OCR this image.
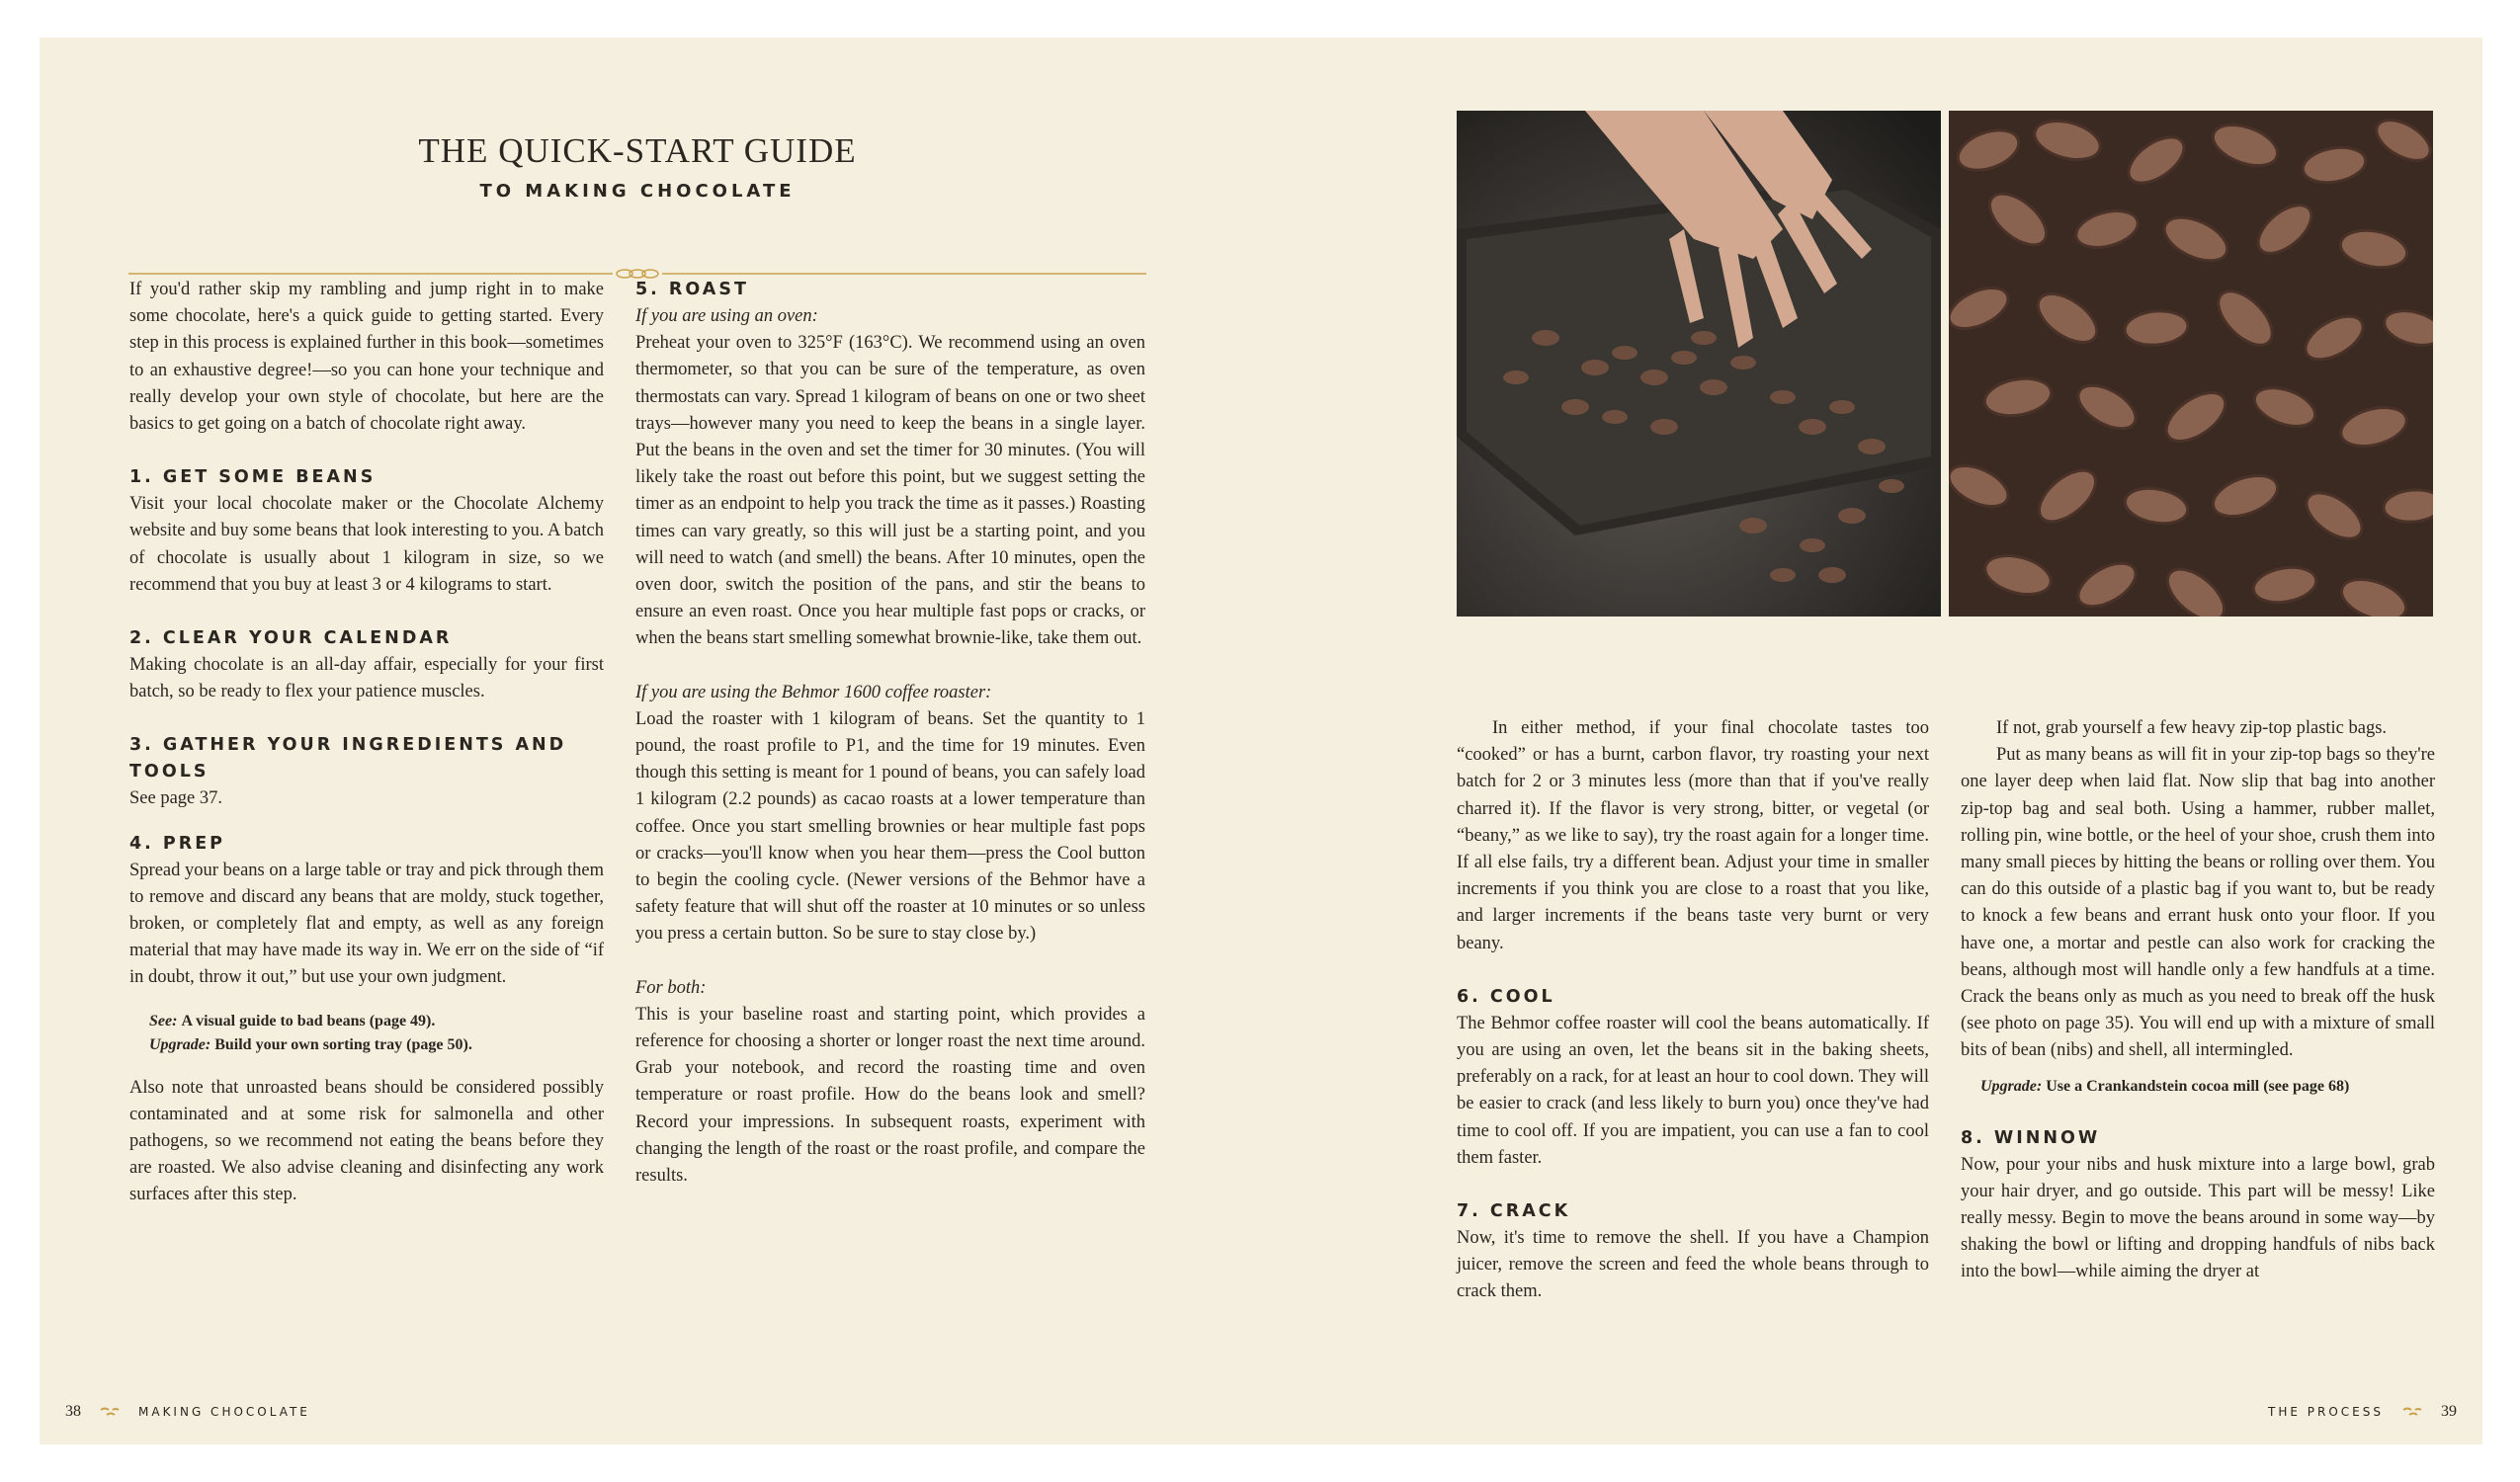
THE QUICK-START GUIDE
TO MAKING CHOCOLATE

If you'd rather skip my rambling and jump right in to make some chocolate, here's a quick guide to getting started. Every step in this process is explained further in this book—sometimes to an exhaustive degree!—so you can hone your technique and really develop your own style of chocolate, but here are the basics to get going on a batch of chocolate right away.

1. GET SOME BEANS

Visit your local chocolate maker or the Chocolate Alchemy website and buy some beans that look interesting to you. A batch of chocolate is usually about 1 kilogram in size, so we recommend that you buy at least 3 or 4 kilograms to start.

2. CLEAR YOUR CALENDAR

Making chocolate is an all-day affair, especially for your first batch, so be ready to flex your patience muscles.

3. GATHER YOUR INGREDIENTS AND TOOLS

See page 37.

4. PREP

Spread your beans on a large table or tray and pick through them to remove and discard any beans that are moldy, stuck together, broken, or completely flat and empty, as well as any foreign material that may have made its way in. We err on the side of “if in doubt, throw it out,” but use your own judgment.

See: A visual guide to bad beans (page 49).

Upgrade: Build your own sorting tray (page 50).

Also note that unroasted beans should be considered possibly contaminated and at some risk for salmonella and other pathogens, so we recommend not eating the beans before they are roasted. We also advise cleaning and disinfecting any work surfaces after this step.

5. ROAST

If you are using an oven:

Preheat your oven to 325°F (163°C). We recommend using an oven thermometer, so that you can be sure of the temperature, as oven thermostats can vary. Spread 1 kilogram of beans on one or two sheet trays—however many you need to keep the beans in a single layer. Put the beans in the oven and set the timer for 30 minutes. (You will likely take the roast out before this point, but we suggest setting the timer as an endpoint to help you track the time as it passes.) Roasting times can vary greatly, so this will just be a starting point, and you will need to watch (and smell) the beans. After 10 minutes, open the oven door, switch the position of the pans, and stir the beans to ensure an even roast. Once you hear multiple fast pops or cracks, or when the beans start smelling somewhat brownie-like, take them out.

If you are using the Behmor 1600 coffee roaster:

Load the roaster with 1 kilogram of beans. Set the quantity to 1 pound, the roast profile to P1, and the time for 19 minutes. Even though this setting is meant for 1 pound of beans, you can safely load 1 kilogram (2.2 pounds) as cacao roasts at a lower temperature than coffee. Once you start smelling brownies or hear multiple fast pops or cracks—you'll know when you hear them—press the Cool button to begin the cooling cycle. (Newer versions of the Behmor have a safety feature that will shut off the roaster at 10 minutes or so unless you press a certain button. So be sure to stay close by.)

For both:

This is your baseline roast and starting point, which provides a reference for choosing a shorter or longer roast the next time around. Grab your notebook, and record the roasting time and oven temperature or roast profile. How do the beans look and smell? Record your impressions. In subsequent roasts, experiment with changing the length of the roast or the roast profile, and compare the results.

38	MAKING CHOCOLATE

In either method, if your final chocolate tastes too “cooked” or has a burnt, carbon flavor, try roasting your next batch for 2 or 3 minutes less (more than that if you've really charred it). If the flavor is very strong, bitter, or vegetal (or “beany,” as we like to say), try the roast again for a longer time. If all else fails, try a different bean. Adjust your time in smaller increments if you think you are close to a roast that you like, and larger increments if the beans taste very burnt or very beany.

6. COOL

The Behmor coffee roaster will cool the beans automatically. If you are using an oven, let the beans sit in the baking sheets, preferably on a rack, for at least an hour to cool down. They will be easier to crack (and less likely to burn you) once they've had time to cool off. If you are impatient, you can use a fan to cool them faster.

7. CRACK

Now, it's time to remove the shell. If you have a Champion juicer, remove the screen and feed the whole beans through to crack them.

If not, grab yourself a few heavy zip-top plastic bags.

Put as many beans as will fit in your zip-top bags so they're one layer deep when laid flat. Now slip that bag into another zip-top bag and seal both. Using a hammer, rubber mallet, rolling pin, wine bottle, or the heel of your shoe, crush them into many small pieces by hitting the beans or rolling over them. You can do this outside of a plastic bag if you want to, but be ready to knock a few beans and errant husk onto your floor. If you have one, a mortar and pestle can also work for cracking the beans, although most will handle only a few handfuls at a time. Crack the beans only as much as you need to break off the husk (see photo on page 35). You will end up with a mixture of small bits of bean (nibs) and shell, all intermingled.

Upgrade: Use a Crankandstein cocoa mill (see page 68)

8. WINNOW

Now, pour your nibs and husk mixture into a large bowl, grab your hair dryer, and go outside. This part will be messy! Like really messy. Begin to move the beans around in some way—by shaking the bowl or lifting and dropping handfuls of nibs back into the bowl—while aiming the dryer at

THE PROCESS	39
